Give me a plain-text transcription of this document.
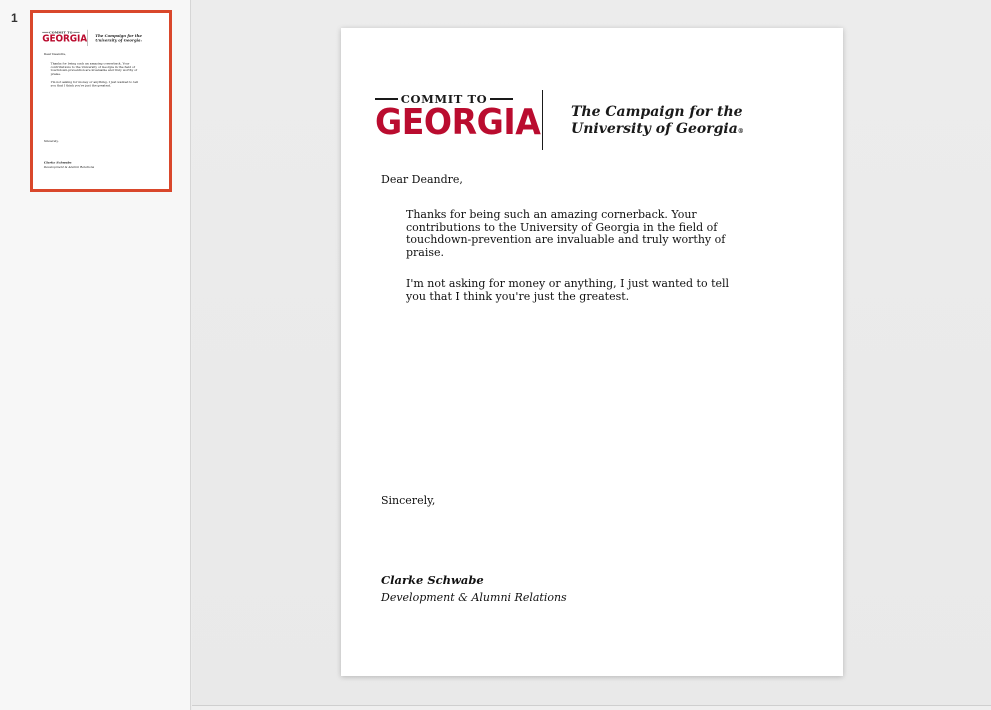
1
COMMIT TO
GEORGIA The Campaign for the
University of Georgia®
Dear Deandre,

Thanks for being such an amazing cornerback. Your contributions to the University of Georgia in the field of touchdown-prevention are invaluable and truly worthy of praise.

I'm not asking for money or anything, I just wanted to tell you that I think you're just the greatest.

Sincerely,
Clarke Schwabe
Development & Alumni Relations
COMMIT TO
GEORGIA The Campaign for the
University of Georgia®
Dear Deandre,

Thanks for being such an amazing cornerback. Your contributions to the University of Georgia in the field of touchdown-prevention are invaluable and truly worthy of praise.

I'm not asking for money or anything, I just wanted to tell you that I think you're just the greatest.

Sincerely,
Clarke Schwabe
Development & Alumni Relations
